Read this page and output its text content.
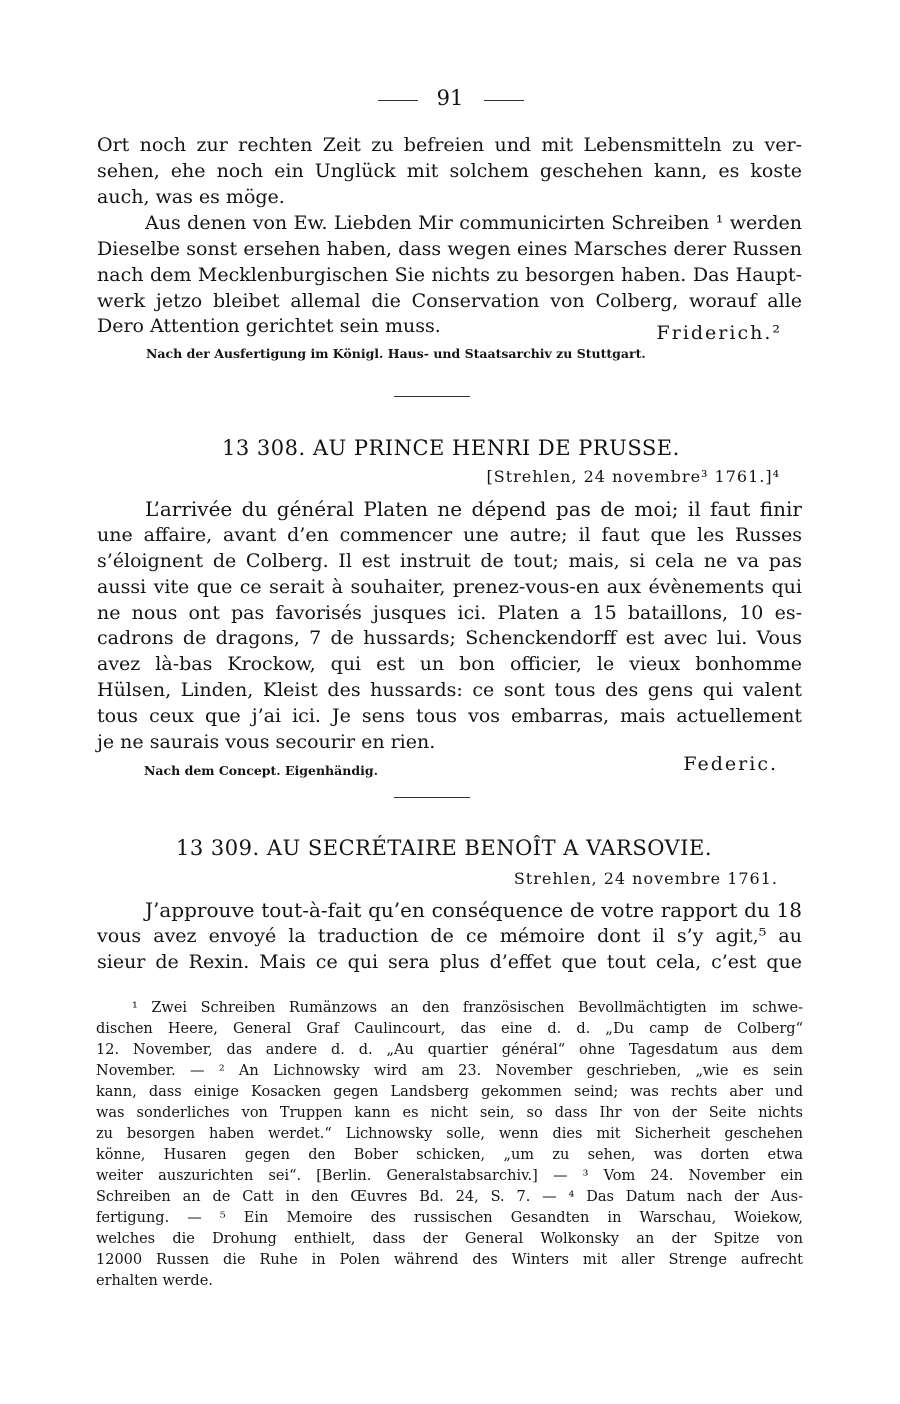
91
Ort noch zur rechten Zeit zu befreien und mit Lebensmitteln zu ver-
sehen, ehe noch ein Unglück mit solchem geschehen kann, es koste
auch, was es möge.
Aus denen von Ew. Liebden Mir communicirten Schreiben ¹ werden
Dieselbe sonst ersehen haben, dass wegen eines Marsches derer Russen
nach dem Mecklenburgischen Sie nichts zu besorgen haben. Das Haupt-
werk jetzo bleibet allemal die Conservation von Colberg, worauf alle
Dero Attention gerichtet sein muss.	Friderich.²
Nach der Ausfertigung im Königl. Haus- und Staatsarchiv zu Stuttgart.
13 308. AU PRINCE HENRI DE PRUSSE.
[Strehlen, 24 novembre³ 1761.]⁴
L’arrivée du général Platen ne dépend pas de moi; il faut finir
une affaire, avant d’en commencer une autre; il faut que les Russes
s’éloignent de Colberg. Il est instruit de tout; mais, si cela ne va pas
aussi vite que ce serait à souhaiter, prenez-vous-en aux évènements qui
ne nous ont pas favorisés jusques ici. Platen a 15 bataillons, 10 es-
cadrons de dragons, 7 de hussards; Schenckendorff est avec lui. Vous
avez là-bas Krockow, qui est un bon officier, le vieux bonhomme
Hülsen, Linden, Kleist des hussards: ce sont tous des gens qui valent
tous ceux que j’ai ici. Je sens tous vos embarras, mais actuellement
je ne saurais vous secourir en rien.
Nach dem Concept. Eigenhändig.	Federic.
13 309. AU SECRÉTAIRE BENOÎT A VARSOVIE.
Strehlen, 24 novembre 1761.
J’approuve tout-à-fait qu’en conséquence de votre rapport du 18
vous avez envoyé la traduction de ce mémoire dont il s’y agit,⁵ au
sieur de Rexin. Mais ce qui sera plus d’effet que tout cela, c’est que
¹ Zwei Schreiben Rumänzows an den französischen Bevollmächtigten im schwe-
dischen Heere, General Graf Caulincourt, das eine d. d. „Du camp de Colberg“
12. November, das andere d. d. „Au quartier général“ ohne Tagesdatum aus dem
November. — ² An Lichnowsky wird am 23. November geschrieben, „wie es sein
kann, dass einige Kosacken gegen Landsberg gekommen seind; was rechts aber und
was sonderliches von Truppen kann es nicht sein, so dass Ihr von der Seite nichts
zu besorgen haben werdet.“ Lichnowsky solle, wenn dies mit Sicherheit geschehen
könne, Husaren gegen den Bober schicken, „um zu sehen, was dorten etwa
weiter auszurichten sei“. [Berlin. Generalstabsarchiv.] — ³ Vom 24. November ein
Schreiben an de Catt in den Œuvres Bd. 24, S. 7. — ⁴ Das Datum nach der Aus-
fertigung. — ⁵ Ein Memoire des russischen Gesandten in Warschau, Woiekow,
welches die Drohung enthielt, dass der General Wolkonsky an der Spitze von
12000 Russen die Ruhe in Polen während des Winters mit aller Strenge aufrecht
erhalten werde.
